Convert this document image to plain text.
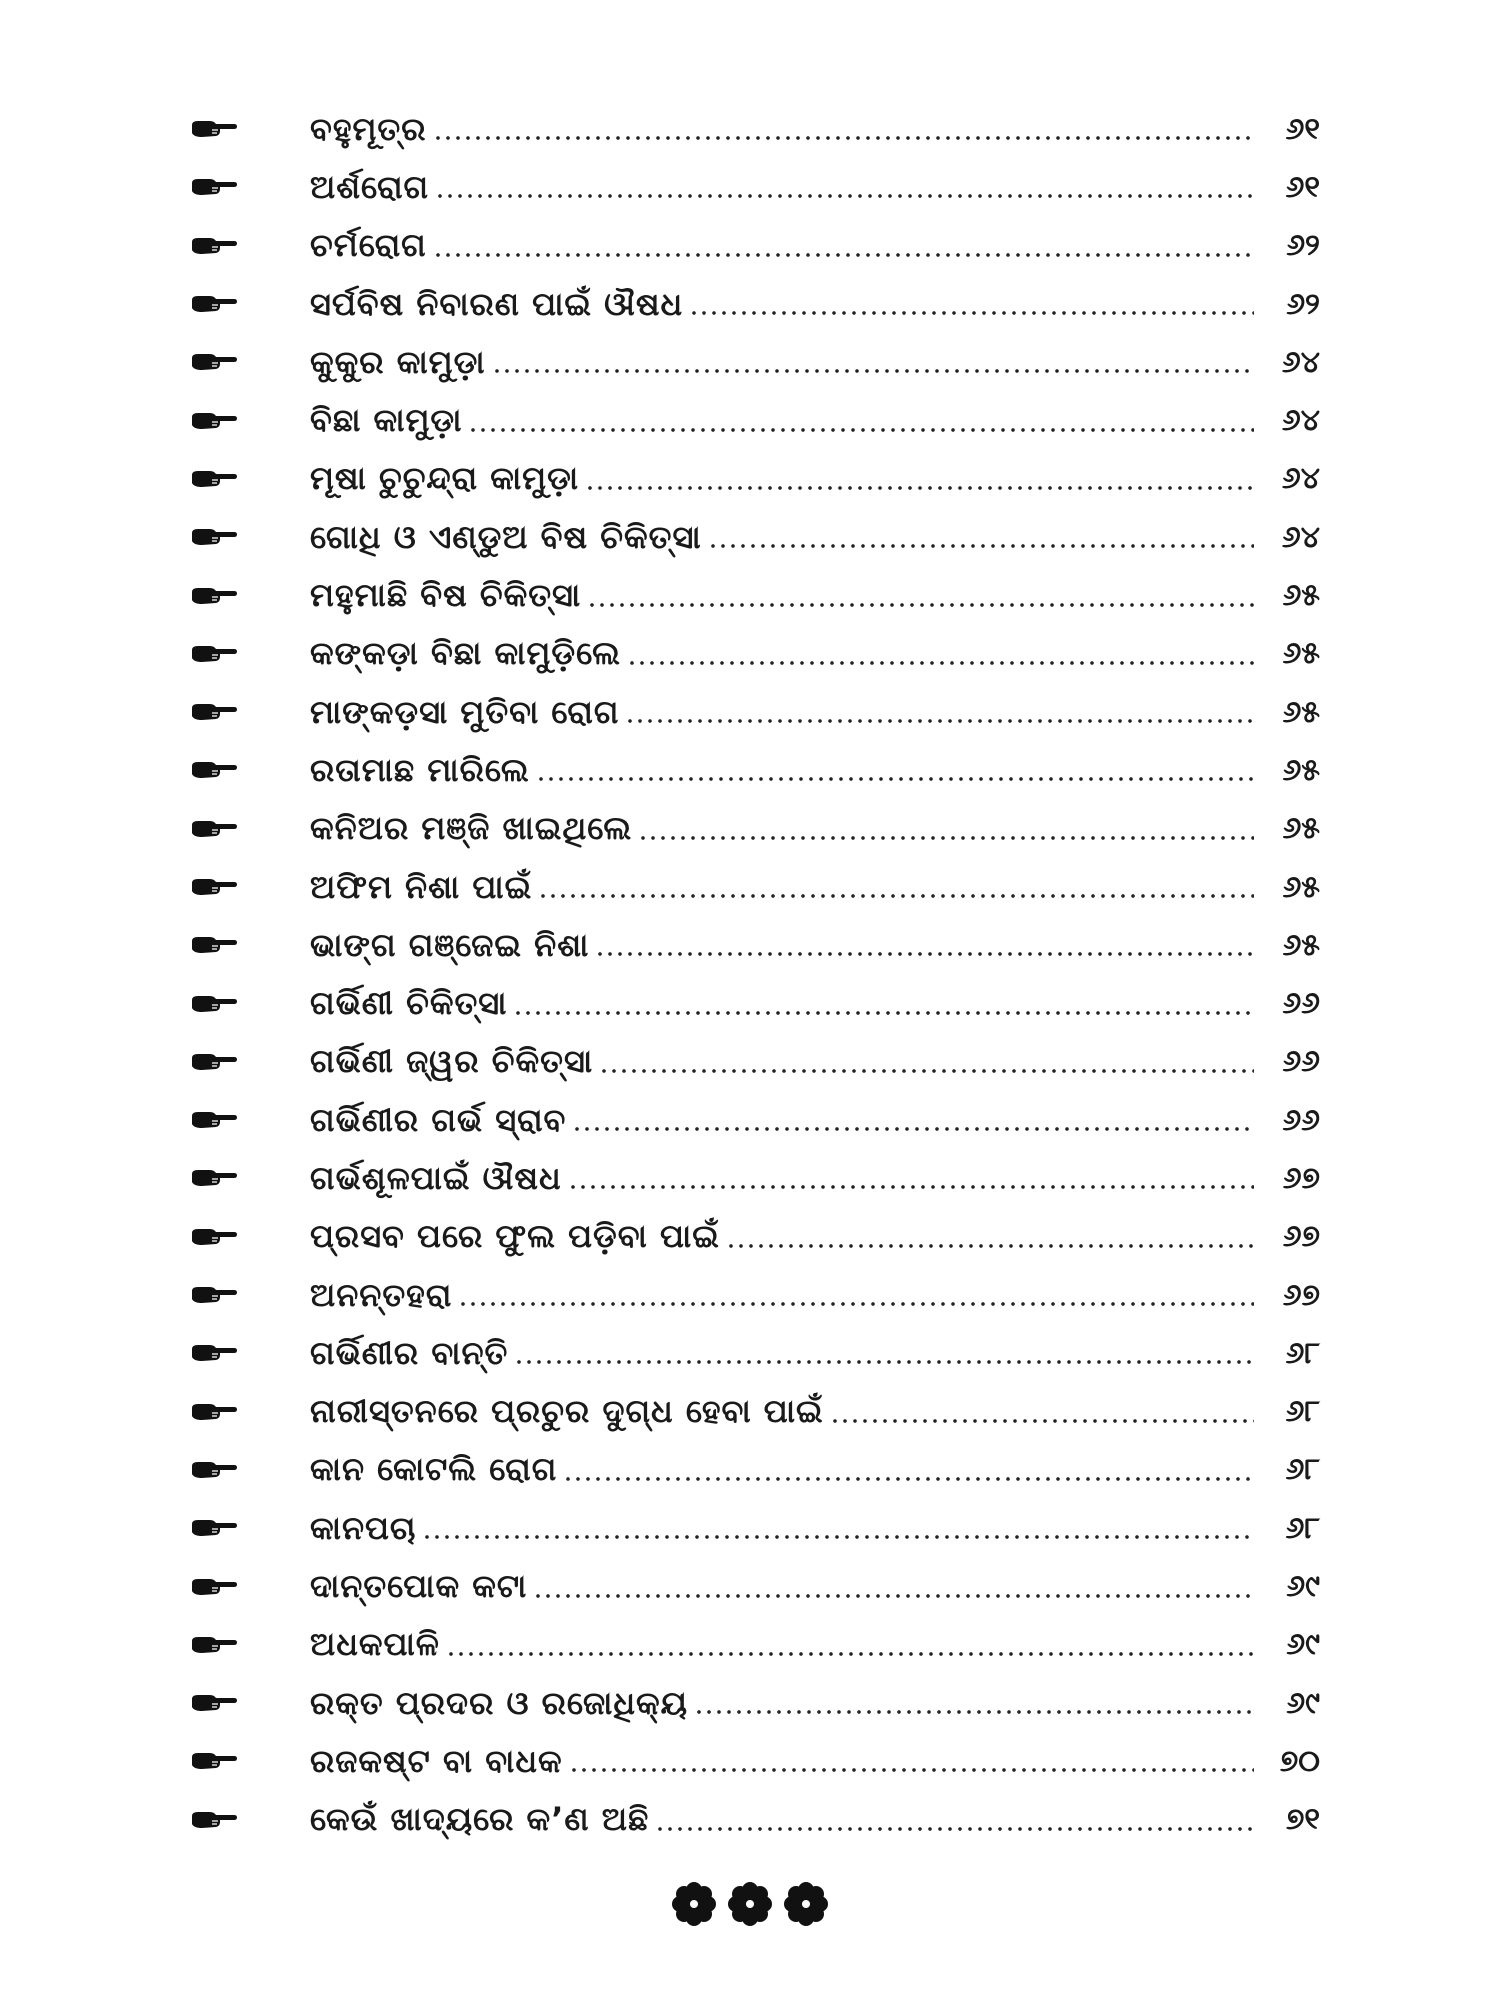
ବହୁମୂତ୍ର	୬୧
ଅର୍ଶରୋଗ	୬୧
ଚର୍ମରୋଗ	୬୨
ସର୍ପବିଷ ନିବାରଣ ପାଇଁ ଔଷଧ	୬୨
କୁକୁର କାମୁଡ଼ା	୬୪
ବିଛା କାମୁଡ଼ା	୬୪
ମୂଷା ଚୁଚୁନ୍ଦ୍ରା କାମୁଡ଼ା	୬୪
ଗୋଧି ଓ ଏଣ୍ଡୁଅ ବିଷ ଚିକିତ୍ସା	୬୪
ମହୁମାଛି ବିଷ ଚିକିତ୍ସା	୬୫
କଙ୍କଡ଼ା ବିଛା କାମୁଡ଼ିଲେ	୬୫
ମାଙ୍କଡ଼ସା ମୁତିବା ରୋଗ	୬୫
ରତାମାଛ ମାରିଲେ	୬୫
କନିଅର ମଞ୍ଜି ଖାଇଥିଲେ	୬୫
ଅଫିମ ନିଶା ପାଇଁ	୬୫
ଭାଙ୍ଗ ଗଞ୍ଜେଇ ନିଶା	୬୫
ଗର୍ଭିଣୀ ଚିକିତ୍ସା	୬୬
ଗର୍ଭିଣୀ ଜ୍ୱର ଚିକିତ୍ସା	୬୬
ଗର୍ଭିଣୀର ଗର୍ଭ ସ୍ରାବ	୬୬
ଗର୍ଭଶୂଳପାଇଁ ଔଷଧ	୬୭
ପ୍ରସବ ପରେ ଫୁଲ ପଡ଼ିବା ପାଇଁ	୬୭
ଅନନ୍ତହରା	୬୭
ଗର୍ଭିଣୀର ବାନ୍ତି	୬୮
ନାରୀସ୍ତନରେ ପ୍ରଚୁର ଦୁଗ୍ଧ ହେବା ପାଇଁ	୬୮
କାନ କୋଟଲି ରୋଗ	୬୮
କାନପଚା	୬୮
ଦାନ୍ତପୋକ କଟା	୬୯
ଅଧକପାଳି	୬୯
ରକ୍ତ ପ୍ରଦର ଓ ରଜୋଧିକ୍ୟ	୬୯
ରଜକଷ୍ଟ ବା ବାଧକ	୭୦
କେଉଁ ଖାଦ୍ୟରେ କ’ଣ ଅଛି	୭୧
